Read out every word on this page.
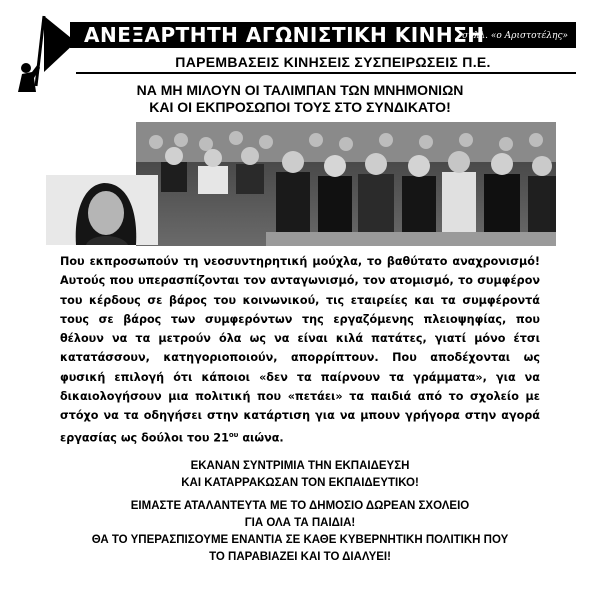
ΑΝΕΞΑΡΤΗΤΗ ΑΓΩΝΙΣΤΙΚΗ ΚΙΝΗΣΗ
συλλ. «ο Αριστοτέλης»
ΠΑΡΕΜΒΑΣΕΙΣ ΚΙΝΗΣΕΙΣ ΣΥΣΠΕΙΡΩΣΕΙΣ Π.Ε.
ΝΑ ΜΗ ΜΙΛΟΥΝ ΟΙ ΤΑΛΙΜΠΑΝ ΤΩΝ ΜΝΗΜΟΝΙΩΝ
ΚΑΙ ΟΙ ΕΚΠΡΟΣΩΠΟΙ ΤΟΥΣ ΣΤΟ ΣΥΝΔΙΚΑΤΟ!
Που εκπροσωπούν τη νεοσυντηρητική μούχλα, το βαθύτατο αναχρονισμό! Αυτούς που υπερασπίζονται τον ανταγωνισμό, τον ατομισμό, το συμφέρον του κέρδους σε βάρος του κοινωνικού, τις εταιρείες και τα συμφέροντά τους σε βάρος των συμφερόντων της εργαζόμενης πλειοψηφίας, που θέλουν να τα μετρούν όλα ως να είναι κιλά πατάτες, γιατί μόνο έτσι κατατάσσουν, κατηγοριοποιούν, απορρίπτουν. Που αποδέχονται ως φυσική επιλογή ότι κάποιοι «δεν τα παίρνουν τα γράμματα», για να δικαιολογήσουν μια πολιτική που «πετάει» τα παιδιά από το σχολείο με στόχο να τα οδηγήσει στην κατάρτιση για να μπουν γρήγορα στην αγορά εργασίας ως δούλοι του $21^{o\upsilon}$ αιώνα.
ΕΚΑΝΑΝ ΣΥΝΤΡΙΜΙΑ ΤΗΝ ΕΚΠΑΙΔΕΥΣΗ
ΚΑΙ ΚΑΤΑΡΡΑΚΩΣΑΝ ΤΟΝ ΕΚΠΑΙΔΕΥΤΙΚΟ!
ΕΙΜΑΣΤΕ ΑΤΑΛΑΝΤΕΥΤΑ ΜΕ ΤΟ ΔΗΜΟΣΙΟ ΔΩΡΕΑΝ ΣΧΟΛΕΙΟ
ΓΙΑ ΟΛΑ ΤΑ ΠΑΙΔΙΑ!
ΘΑ ΤΟ ΥΠΕΡΑΣΠΙΣΟΥΜΕ ΕΝΑΝΤΙΑ ΣΕ ΚΑΘΕ ΚΥΒΕΡΝΗΤΙΚΗ ΠΟΛΙΤΙΚΗ ΠΟΥ
ΤΟ ΠΑΡΑΒΙΑΖΕΙ ΚΑΙ ΤΟ ΔΙΑΛΥΕΙ!
